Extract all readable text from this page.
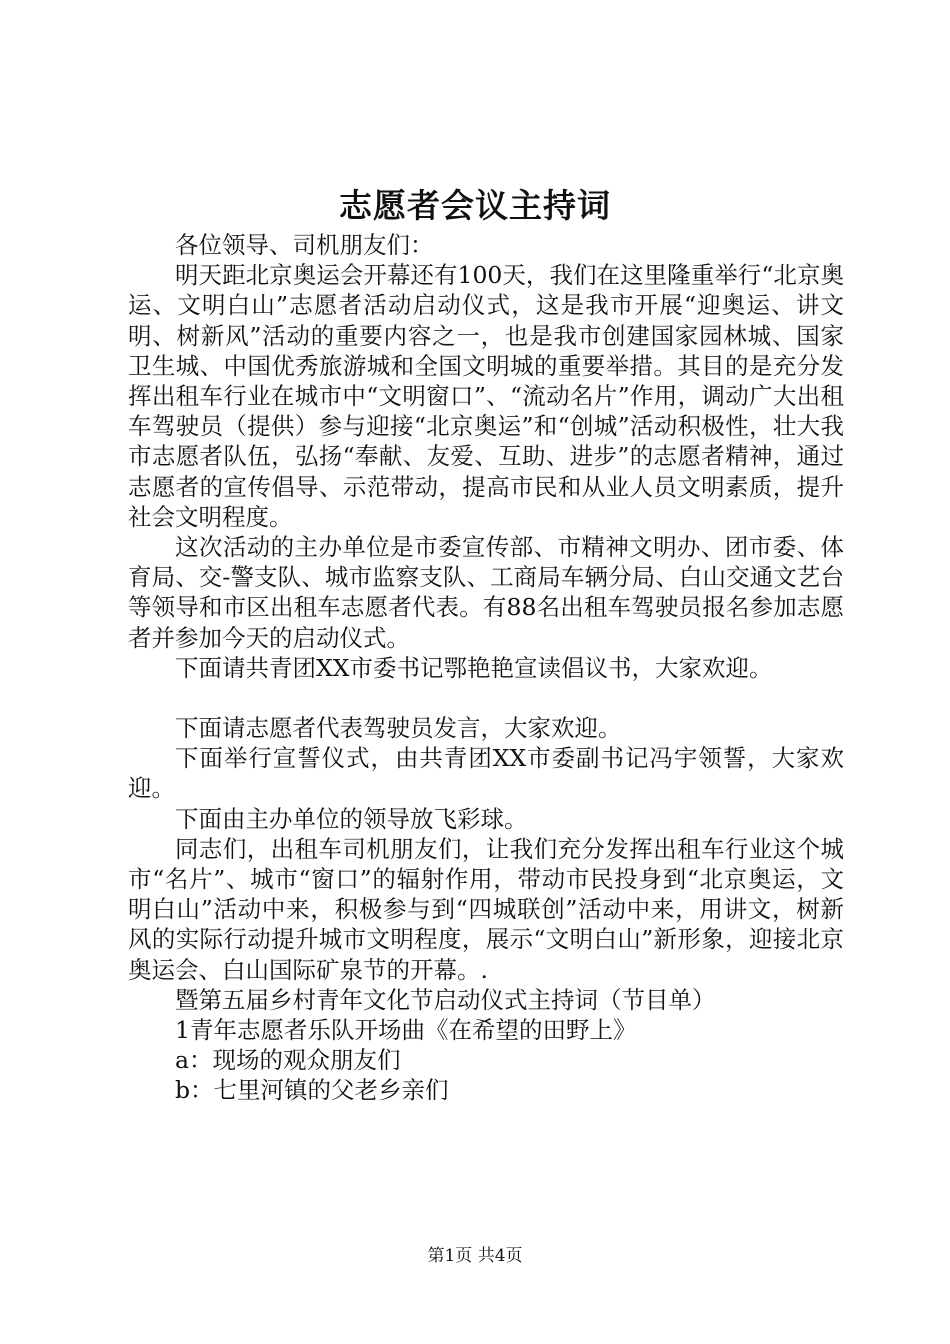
志愿者会议主持词

各位领导、司机朋友们：

明天距北京奥运会开幕还有100天，我们在这里隆重举行“北京奥运、文明白山”志愿者活动启动仪式，这是我市开展“迎奥运、讲文明、树新风”活动的重要内容之一，也是我市创建国家园林城、国家卫生城、中国优秀旅游城和全国文明城的重要举措。其目的是充分发挥出租车行业在城市中“文明窗口”、“流动名片”作用，调动广大出租车驾驶员（提供）参与迎接“北京奥运”和“创城”活动积极性，壮大我市志愿者队伍，弘扬“奉献、友爱、互助、进步”的志愿者精神，通过志愿者的宣传倡导、示范带动，提高市民和从业人员文明素质，提升社会文明程度。

这次活动的主办单位是市委宣传部、市精神文明办、团市委、体育局、交-警支队、城市监察支队、工商局车辆分局、白山交通文艺台等领导和市区出租车志愿者代表。有88名出租车驾驶员报名参加志愿者并参加今天的启动仪式。

下面请共青团XX市委书记鄂艳艳宣读倡议书，大家欢迎。

下面请志愿者代表驾驶员发言，大家欢迎。

下面举行宣誓仪式，由共青团XX市委副书记冯宇领誓，大家欢迎。

下面由主办单位的领导放飞彩球。

同志们，出租车司机朋友们，让我们充分发挥出租车行业这个城市“名片”、城市“窗口”的辐射作用，带动市民投身到“北京奥运，文明白山”活动中来，积极参与到“四城联创”活动中来，用讲文，树新风的实际行动提升城市文明程度，展示“文明白山”新形象，迎接北京奥运会、白山国际矿泉节的开幕。.

暨第五届乡村青年文化节启动仪式主持词（节目单）

1青年志愿者乐队开场曲《在希望的田野上》

a：现场的观众朋友们

b：七里河镇的父老乡亲们

第1页 共4页
